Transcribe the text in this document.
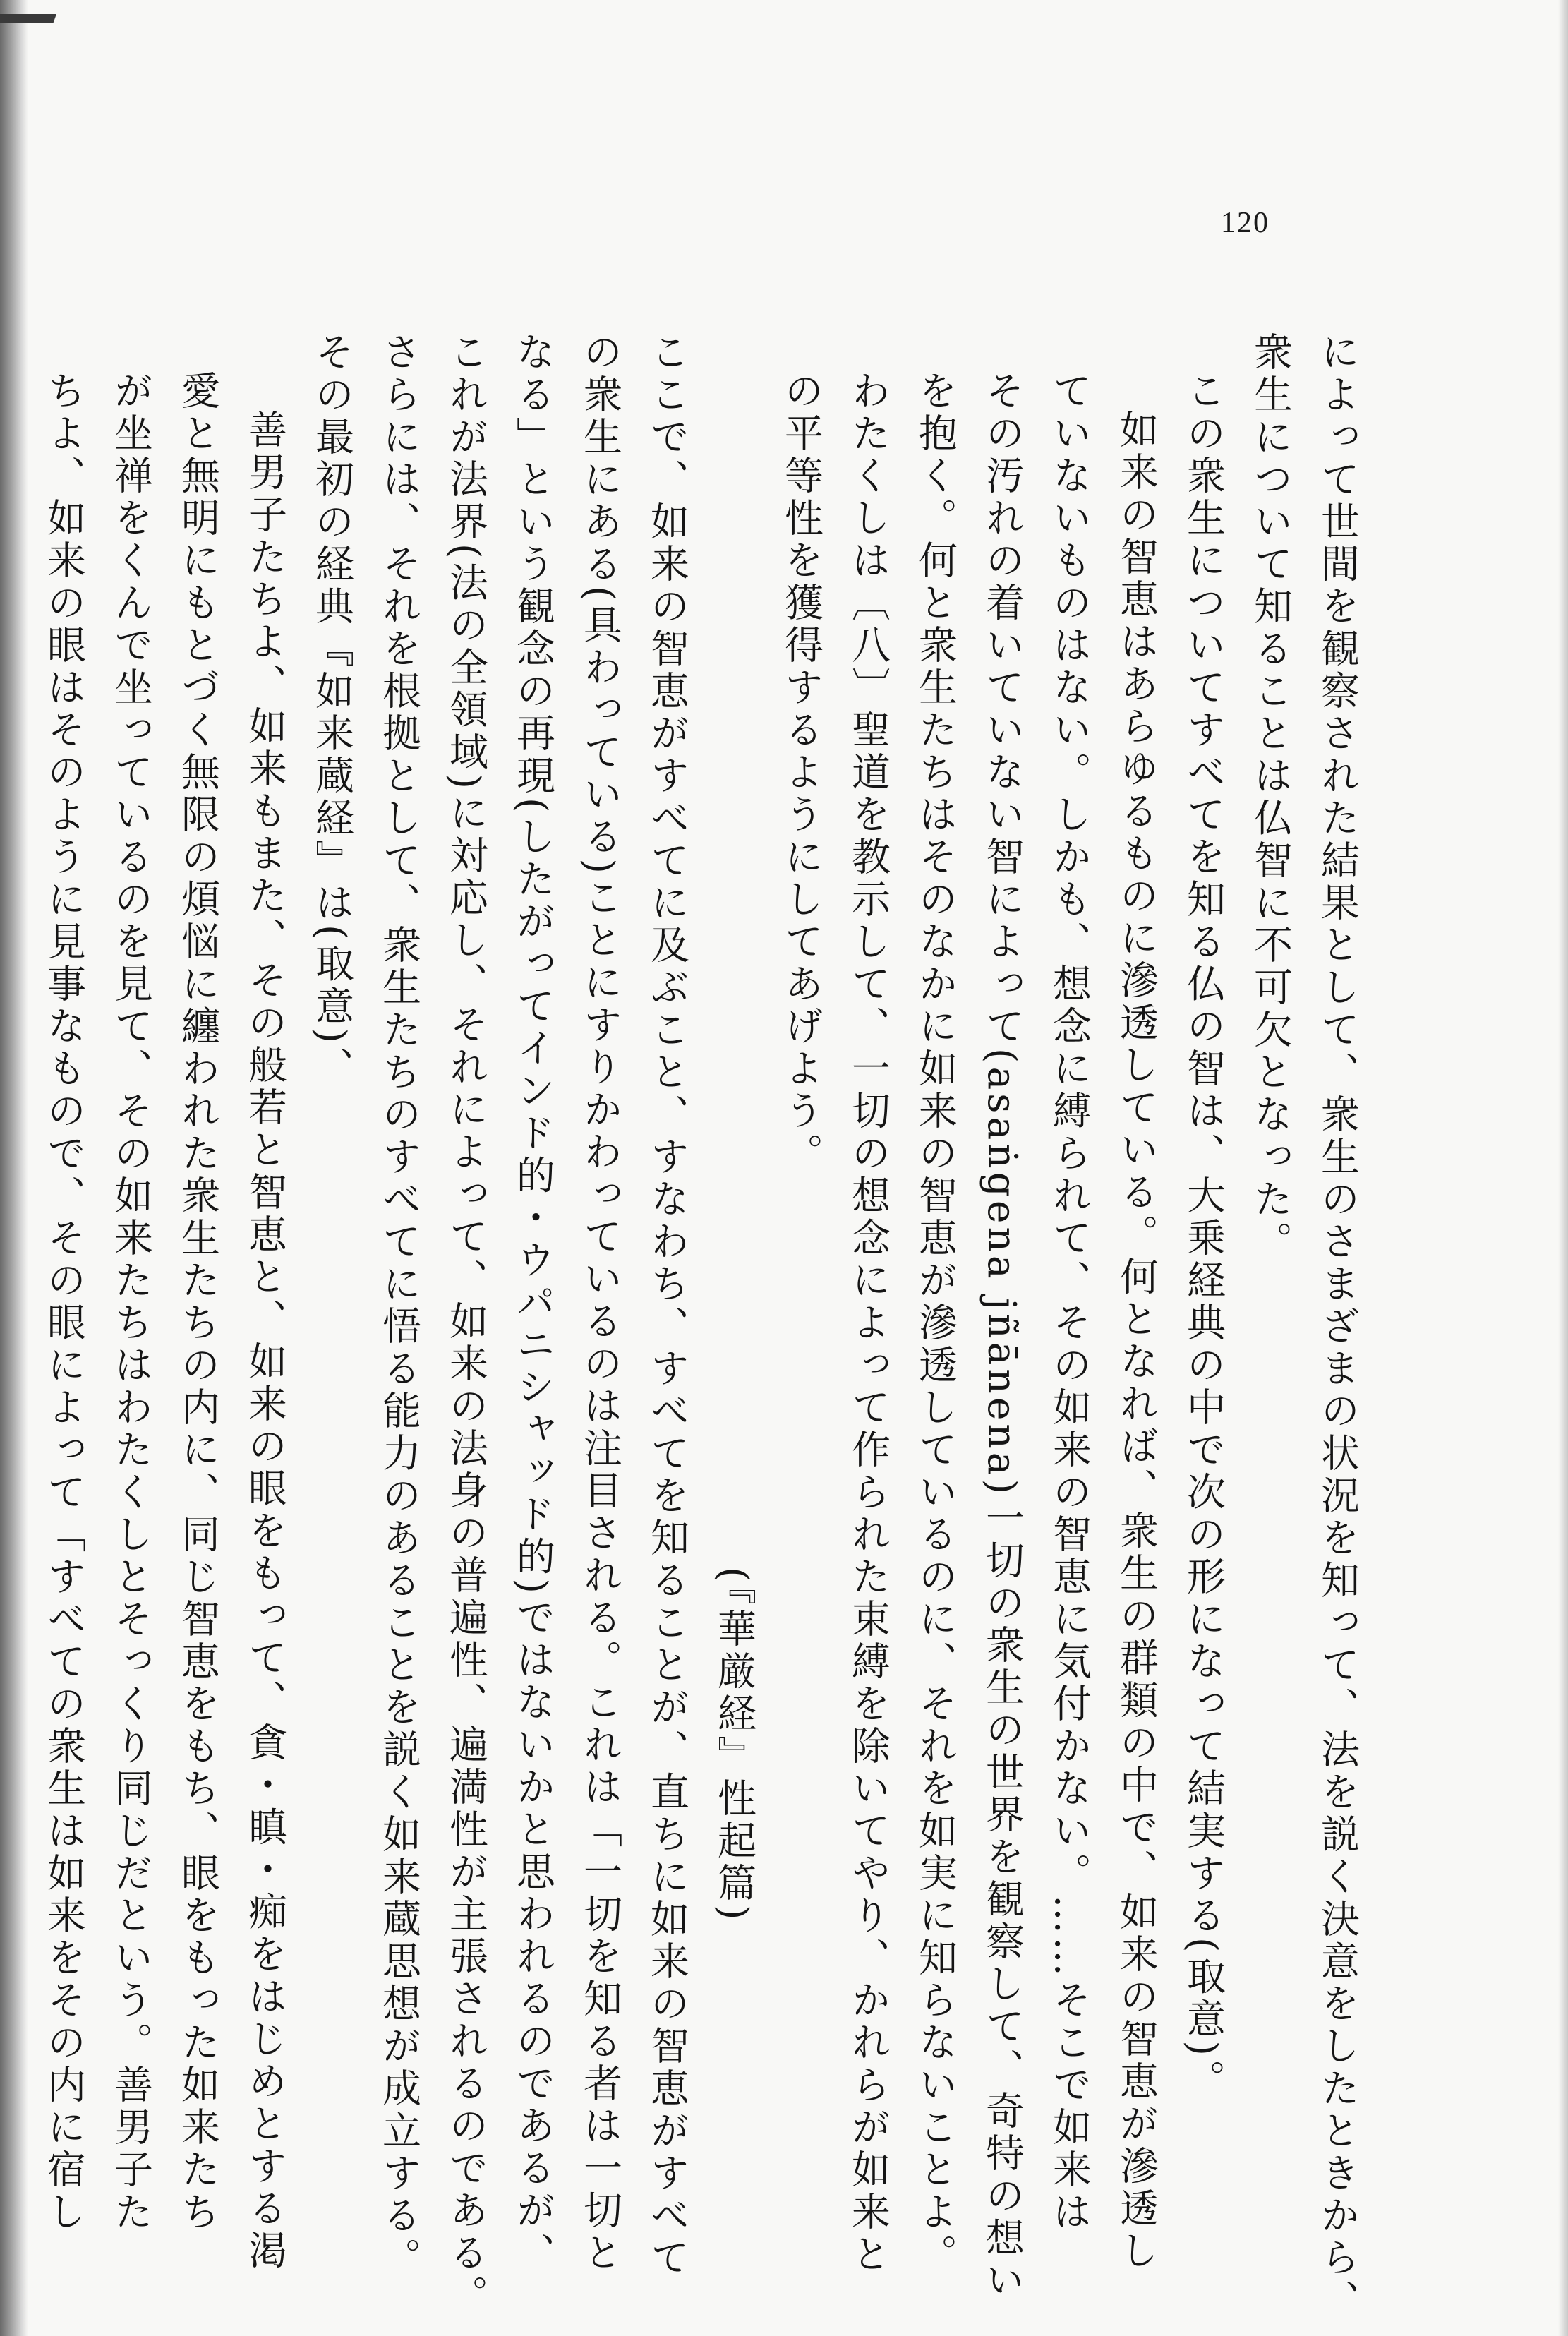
120
によって世間を観察された結果として、衆生のさまざまの状況を知って、法を説く決意をしたときから、
衆生について知ることは仏智に不可欠となった。
この衆生についてすべてを知る仏の智は、大乗経典の中で次の形になって結実する(取意)。
如来の智恵はあらゆるものに滲透している。何となれば、衆生の群類の中で、如来の智恵が滲透し
ていないものはない。しかも、想念に縛られて、その如来の智恵に気付かない。……そこで如来は
その汚れの着いていない智によって(asaṅgena jñānena)一切の衆生の世界を観察して、奇特の想い
を抱く。何と衆生たちはそのなかに如来の智恵が滲透しているのに、それを如実に知らないことよ。
わたくしは〔八〕聖道を教示して、一切の想念によって作られた束縛を除いてやり、かれらが如来と
の平等性を獲得するようにしてあげよう。
(『華厳経』性起篇)
ここで、如来の智恵がすべてに及ぶこと、すなわち、すべてを知ることが、直ちに如来の智恵がすべて
の衆生にある(具わっている)ことにすりかわっているのは注目される。これは「一切を知る者は一切と
なる」という観念の再現(したがってインド的・ウパニシャッド的)ではないかと思われるのであるが、
これが法界(法の全領域)に対応し、それによって、如来の法身の普遍性、遍満性が主張されるのである。
さらには、それを根拠として、衆生たちのすべてに悟る能力のあることを説く如来蔵思想が成立する。
その最初の経典『如来蔵経』は(取意)、
善男子たちよ、如来もまた、その般若と智恵と、如来の眼をもって、貪・瞋・痴をはじめとする渇
愛と無明にもとづく無限の煩悩に纏われた衆生たちの内に、同じ智恵をもち、眼をもった如来たち
が坐禅をくんで坐っているのを見て、その如来たちはわたくしとそっくり同じだという。善男子た
ちよ、如来の眼はそのように見事なもので、その眼によって「すべての衆生は如来をその内に宿し
